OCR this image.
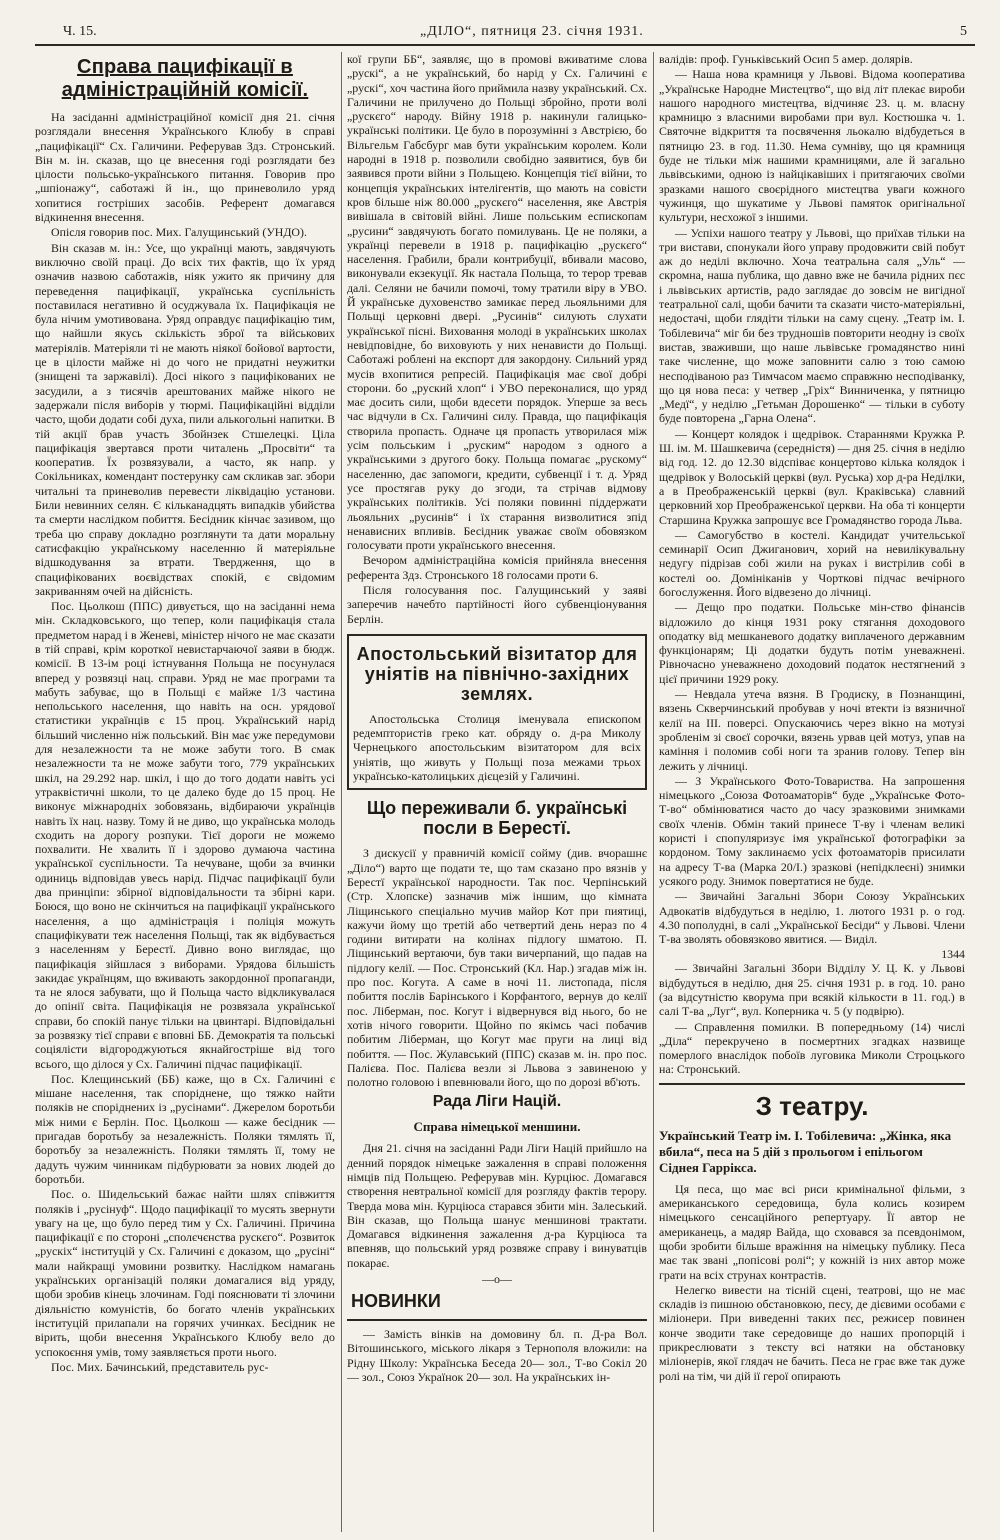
Ч. 15.	„ДІЛО“, пятниця 23. січня 1931.	5
Справа пацифікації в адміністраційній комісії.

На засіданні адміністраційної комісії дня 21. січня розглядали внесення Українського Клюбу в справі „пацифікації“ Сх. Галичини. Реферував Здз. Стронський. Він м. ін. сказав, що це внесення годі розглядати без цілости польсько-українського питання. Говорив про „шпіонажу“, саботажі й ін., що приневолило уряд хопитися гостріших засобів. Референт домагався відкинення внесення.

Опісля говорив пос. Мих. Галущинський (УНДО).

Він сказав м. ін.: Усе, що українці мають, завдячують виключно своїй праці. До всіх тих фактів, що їх уряд означив назвою саботажів, ніяк ужито як причину для переведення пацифікації, українська суспільність поставилася негативно й осуджувала їх. Пацифікація не була нічим умотивована. Уряд оправдує пацифікацію тим, що найшли якусь скількість зброї та військових матеріялів. Матеріяли ті не мають ніякої бойової вартости, це в цілости майже ні до чого не придатні неужитки (знищені та заржавілі). Досі нікого з пацифікованих не засудили, а з тисячів арештованих майже нікого не задержали після виборів у тюрмі. Пацифікаційні відділи часто, щоби додати собі духа, пили алькогольні напитки. В тій акції брав участь Збойнзек Стшелецкі. Ціла пацифікація звертався проти читалень „Просвіти“ та кооператив. Їх розвязували, а часто, як напр. у Сокільниках, комендант постерунку сам скликав заг. збори читальні та приневолив перевести ліквідацію установи. Били невинних селян. Є кільканадцять випадків убийства та смерти наслідком побиття. Бесідник кінчає зазивом, що треба цю справу докладно розглянути та дати моральну сатисфакцію українському населенню й матеріяльне відшкодування за втрати. Твердження, що в спацифікованих воєвідствах спокій, є свідомим закриванням очей на дійсність.

Пос. Цьолкош (ППС) дивується, що на засіданні нема мін. Складковського, що тепер, коли пацифікація стала предметом нарад і в Женеві, міністер нічого не має сказати в тій справі, крім короткої невистарчаючої заяви в бюдж. комісії. В 13-ім році істнування Польща не посунулася вперед у розвязці нац. справи. Уряд не має програми та мабуть забуває, що в Польщі є майже 1/3 частина непольського населення, що навіть на осн. урядової статистики українців є 15 проц. Український нарід більший численно ніж польський. Він має уже передумови для незалежности та не може забути того. В смак незалежности та не може забути того, 779 українських шкіл, на 29.292 нар. шкіл, і що до того додати навіть усі утраквістичні школи, то це далеко буде до 15 проц. Не виконує міжнародніх зобовязань, відбираючи українців навіть їх нац. назву. Тому й не диво, що українська молодь сходить на дорогу розпуки. Тієї дороги не можемо похвалити. Не хвалить її і здорово думаюча частина української суспільности. Та нечуване, щоби за вчинки одиниць відповідав увесь нарід. Підчас пацифікації були два принціпи: збірної відповідальности та збірні кари. Боюся, що воно не скінчиться на пацифікації українського населення, а що адміністрація і поліція можуть спацифікувати теж населення Польщі, так як відбувається з населенням у Берестї. Дивно воно виглядає, що пацифікація зійшлася з виборами. Урядова більшість закидає українцям, що вживають закордонної пропаганди, та не ялося забувати, що й Польща часто відкликувалася до опінії світа. Пацифікація не розвязала української справи, бо спокій панує тільки на цвинтарі. Відповідальні за розвязку тієї справи є вповні ББ. Демократія та польські соціялісти відгороджуються якнайгостріше від того всього, що ділося у Сх. Галичині підчас пацифікації.

Пос. Клещинський (ББ) каже, що в Сх. Галичині є мішане населення, так споріднене, що тяжко найти поляків не споріднених із „русінами“. Джерелом боротьби між ними є Берлін. Пос. Цьолкош — каже бесідник — пригадав боротьбу за незалежність. Поляки тямлять її, боротьбу за незалежність. Поляки тямлять її, тому не дадуть чужим чинникам підбурювати за нових людей до боротьби.

Пос. о. Шидельський бажає найти шлях співжиття поляків і „русінуф“. Щодо пацифікації то мусять звернути увагу на це, що було перед тим у Сх. Галичині. Причина пацифікації є по стороні „сполєчєнства рускєго“. Розвиток „рускіх“ інституцій у Сх. Галичині є доказом, що „русіні“ мали найкращі умовини розвитку. Наслідком намагань українських організацій поляки домагалися від уряду, щоби зробив кінець злочинам. Годі пояснювати ті злочини діяльністю комуністів, бо богато членів українських інституцій прилапали на горячих учинках. Бесідник не вірить, щоби внесення Українського Клюбу вело до успокоєння умів, тому заявляється проти нього.

Пос. Мих. Бачинський, представитель рус-

кої групи ББ“, заявляє, що в промові вживатиме слова „рускі“, а не український, бо нарід у Сх. Галичині є „рускі“, хоч частина його приймила назву український. Сх. Галичини не прилучено до Польщі збройно, проти волі „рускєго“ народу. Війну 1918 р. накинули галицько-українські політики. Це було в порозумінні з Австрією, бо Вільгельм Габсбург мав бути українським королем. Коли народні в 1918 р. позволили свобідно заявитися, був би заявився проти війни з Польщею. Концепція тієї війни, то концепція українських інтелігентів, що мають на совісти кров більше ніж 80.000 „рускєго“ населення, яке Австрія вивішала в світовій війні. Лише польським еспископам „русини“ завдячують богато помилувань. Це не поляки, а українці перевели в 1918 р. пацифікацію „рускєго“ населення. Грабили, брали контрибуції, вбивали масово, виконували екзекуції. Як настала Польща, то терор тревав далі. Селяни не бачили помочі, тому тратили віру в УВО. Й українське духовенство замикає перед льояльними для Польщі церковні двері. „Русинів“ силують слухати української пісні. Виховання молоді в українських школах невідповідне, бо виховують у них ненависти до Польщі. Саботажі роблені на експорт для закордону. Сильний уряд мусів вхопитися репресій. Пацифікація має свої добрі сторони. бо „руский хлоп“ і УВО переконалися, що уряд має досить сили, щоби вдесети порядок. Уперше за весь час відчули в Сх. Галичині силу. Правда, що пацифікація створила пропасть. Одначе ця пропасть утворилася між усім польським і „руским“ народом з одного а українськими з другого боку. Польща помагає „рускому“ населенню, дає запомоги, кредити, субвенції і т. д. Уряд усе простягав руку до згоди, та стрічав відмову українських політиків. Усі поляки повинні піддержати льояльних „русинів“ і їх старання визволитися зпід ненависних впливів. Бесідник уважає своїм обовязком голосувати проти українського внесення.

Вечором адміністраційна комісія прийняла внесення референта Здз. Стронського 18 голосами проти 6.

Після голосування пос. Галущинський у заяві заперечив начебто партійності його субвенціонування Берлін.

Апостольський візитатор для уніятів на північно-західних землях.

Апостольська Столиця іменувала епископом редемптористів греко кат. обряду о. д-ра Миколу Чернецького апостольським візитатором для всіх уніятів, що живуть у Польщі поза межами трьох українсько-католицьких дієцезій у Галичині.

Що переживали б. українські посли в Берестї.

З дискусії у правничій комісії сойму (див. вчорашнє „Діло“) варто ще подати те, що там сказано про вязнів у Берестї української народности. Так пос. Черпінський (Стр. Хлопске) зазначив між іншим, що кімната Ліщинського спеціально мучив майор Кот при пиятиці, кажучи йому що третій або четвертий день нераз по 4 години витирати на колінах підлогу шматою. П. Ліщинський вертаючи, був таки вичерпаний, що падав на підлогу келії. — Пос. Стронський (Кл. Нар.) згадав між ін. про пос. Когута. А саме в ночі 11. листопада, після побиття послів Барінського і Корфантого, вернув до келії пос. Ліберман, пос. Когут і відвернувся від нього, бо не хотів нічого говорити. Щойно по якімсь часі побачив побитим Ліберман, що Когут має пруги на лиці від побиття. — Пос. Жулавський (ППС) сказав м. ін. про пос. Палієва. Пос. Палієва везли зі Львова з завиненою у полотно головою і впевнювали його, що по дорозі вб'ють.

Рада Ліги Націй.
Справа німецької меншини.

Дня 21. січня на засіданні Ради Ліги Націй прийшло на денний порядок німецьке зажалення в справі положення німців під Польщею. Реферував мін. Курціюс. Домагався створення невтральної комісії для розгляду фактів терору. Тверда мова мін. Курціюса старався збити мін. Залеський. Він сказав, що Польща шанує меншинові трактати. Домагався відкинення зажалення д-ра Курціюса та впевняв, що польський уряд розвяже справу і винуватців покарає.

—o—
НОВИНКИ

— Замість вінків на домовину бл. п. Д-ра Вол. Вітошинського, міського лікаря з Тернополя вложили: на Рідну Школу: Українська Беседа 20— зол., Т-во Сокіл 20— зол., Союз Українок 20— зол. На українських ін-

валідів: проф. Гуньківський Осип 5 амер. долярів.

— Наша нова крамниця у Львові. Відома кооператива „Українське Народне Мистецтво“, що від літ плекає вироби нашого народного мистецтва, відчиняє 23. ц. м. власну крамницю з власними виробами при вул. Костюшка ч. 1. Святочне відкриття та посвячення льокалю відбудеться в пятницю 23. в год. 11.30. Нема сумніву, що ця крамниця буде не тільки між нашими крамницями, але й загально львівськими, одною із найцікавіших і притягаючих своїми зразками нашого своєрідного мистецтва уваги кожного чужинця, що шукатиме у Львові памяток оригінальної культури, несхожої з іншими.

— Успіхи нашого театру у Львові, що приїхав тільки на три вистави, спонукали його управу продовжити свій побут аж до неділі включно. Хоча театральна саля „Уль“ — скромна, наша публика, що давно вже не бачила рідних пєс і львівських артистів, радо заглядає до зовсім не вигідної театральної салі, щоби бачити та сказати чисто-матеріяльні, недостачі, щоби глядіти тільки на саму сцену. „Театр ім. І. Тобілевича“ міг би без трудношів повторити неодну із своїх вистав, зваживши, що наше львівське громадянство нині таке численне, що може заповнити салю з тою самою несподіваною раз Тимчасом маємо справжню несподіванку, що ця нова песа: у четвер „Гріх“ Винниченка, у пятницю „Медї“, у неділю „Гетьман Дорошенко“ — тільки в суботу буде повторена „Гарна Олена“.

— Концерт колядок і щедрівок. Стараннями Кружка Р. Ш. ім. М. Шашкевича (середністя) — дня 25. січня в неділю від год. 12. до 12.30 відспіває концертово кілька колядок і щедрівок у Волоській церкві (вул. Руська) хор д-ра Неділки, а в Преображенській церкві (вул. Краківська) славний церковний хор Преображенської церкви. На оба ті концерти Старшина Кружка запрошує все Громадянство города Льва.

— Самогубство в костелі. Кандидат учительської семинарії Осип Джиганович, хорий на невилікувальну недугу підрізав собі жили на руках і вистрілив собі в костелі оо. Домініканів у Чорткові підчас вечірного богослуження. Його відвезено до лічниці.

— Дещо про податки. Польське мін-ство фінансів відложило до кінця 1931 року стягання доходового оподатку від мешканевого додатку виплаченого державним функціонарям; Ці додатки будуть потім уневажнені. Рівночасно уневажнено доходовий податок нестягнений з цієї причини 1929 року.

— Невдала утеча вязня. В Гродиску, в Познанщині, вязень Скверчинський пробував у ночі втекти із вязничної келії на III. поверсі. Опускаючись через вікно на мотузі зробленім зі своєї сорочки, вязень урвав цей мотуз, упав на каміння і поломив собі ноги та зранив голову. Тепер він лежить у лічниці.

— З Українського Фото-Товариства. На запрошення німецького „Союза Фотоаматорів“ буде „Українське Фото-Т-во“ обмінюватися часто до часу зразковими знимками своїх членів. Обмін такий принесе Т-ву і членам великі користі і спопуляризує імя української фотографіки за кордоном. Тому заклинаємо усіх фотоаматорів присилати на адресу Т-ва (Марка 20/I.) зразкові (непідклеєні) знимки усякого роду. Знимок повертатися не буде.

— Звичайні Загальні Збори Союзу Українських Адвокатів відбудуться в неділю, 1. лютого 1931 р. о год. 4.30 пополудні, в салі „Української Бесіди“ у Львові. Члени Т-ва зволять обовязково явитися. — Виділ.

1344

— Звичайні Загальні Збори Відділу У. Ц. К. у Львові відбудуться в неділю, дня 25. січня 1931 р. в год. 10. рано (за відсутністю кворума при всякій кількости в 11. год.) в салі Т-ва „Луг“, вул. Коперника ч. 5 (у подвірю).

— Справлення помилки. В попередньому (14) числі „Діла“ перекручено в посмертних згадках назвище померлого внаслідок побоїв луговика Миколи Строцького на: Стронський.

З театру.
Український Театр ім. І. Тобілевича: „Жінка, яка вбила“, песа на 5 дій з прольогом і епільогом Сіднея Гаррікса.

Ця песа, що має всі риси кримінальної фільми, з американського середовища, була колись козирем німецького сенсаційного репертуару. Її автор не американець, а мадяр Вайда, що сховався за псевдонімом, щоби зробити більше вражіння на німецьку публику. Песа має так звані „попісові ролі“; у кожній із них автор може грати на всіх струнах контрастів.

Нелегко вивести на тісній сцені, театрові, що не має складів із пишною обстановкою, песу, де дієвими особами є міліонери. При виведенні таких пєс, режисер повинен конче зводити таке середовище до наших пропорцій і прикреслювати з тексту всі натяки на обстановку міліонерів, якої глядач не бачить. Песа не грає вже так дуже ролі на тім, чи дій ії герої опирають
